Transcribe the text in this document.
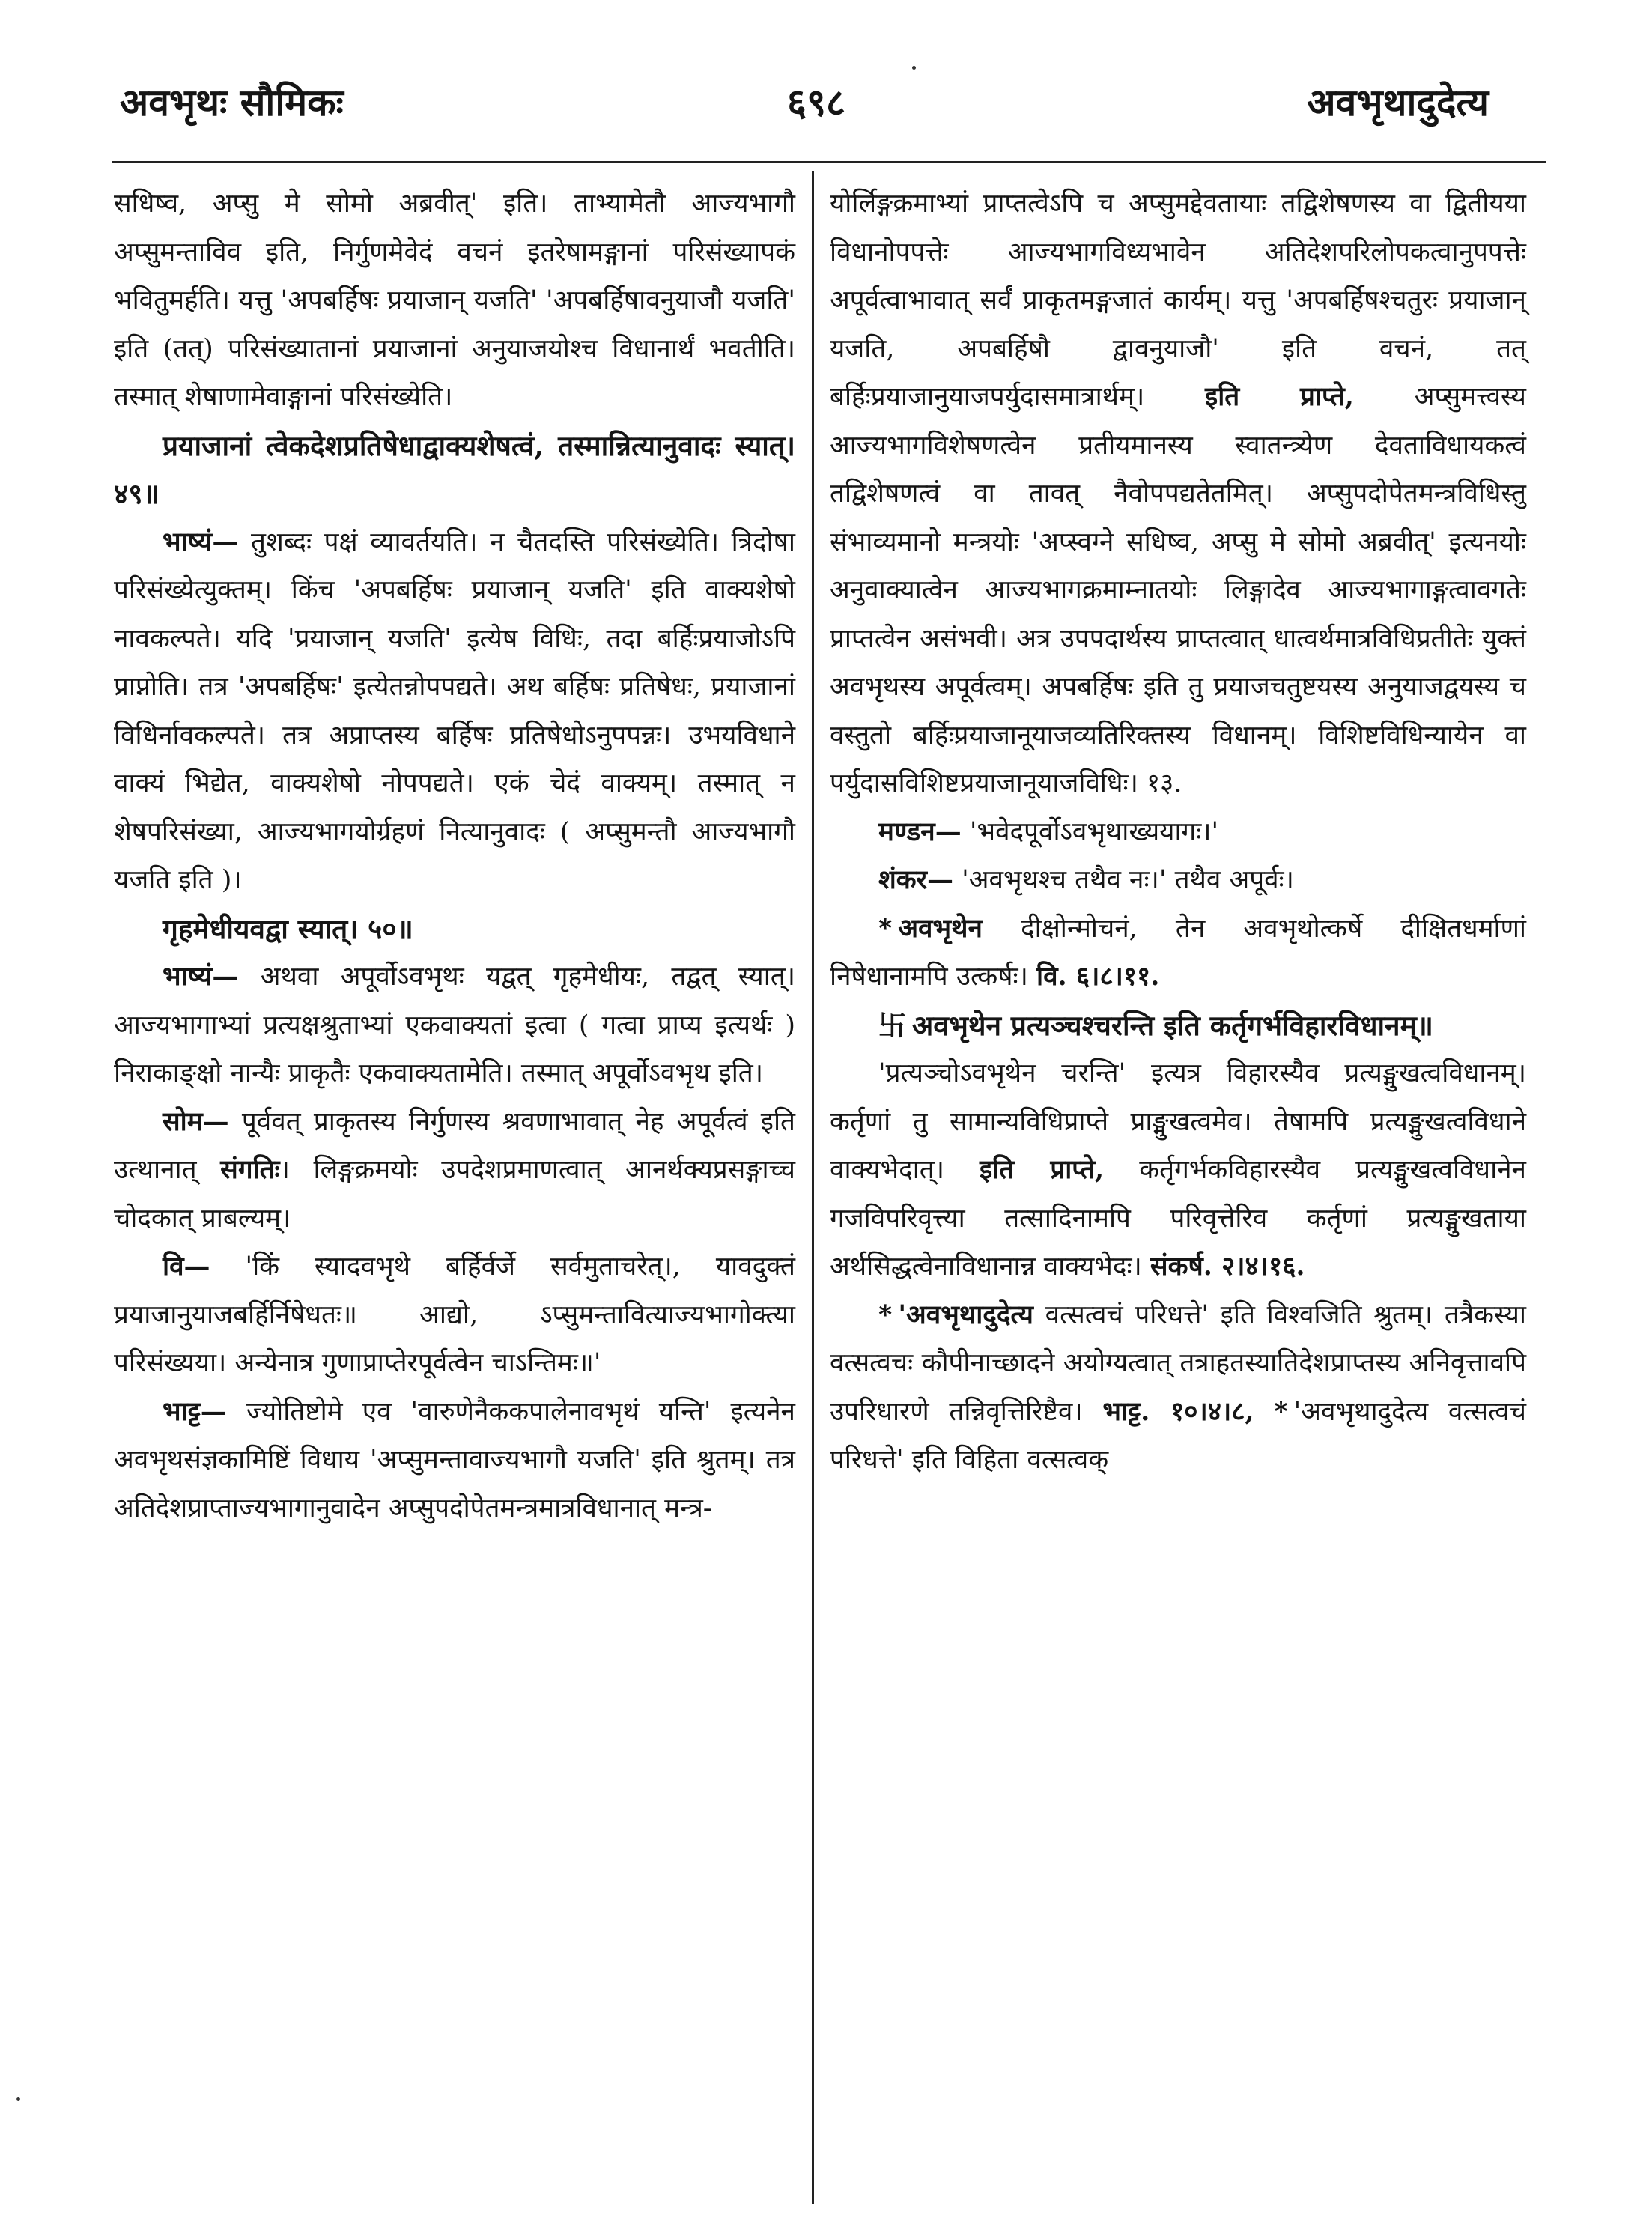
अवभृथः सौमिकः	६९८	अवभृथादुदेत्य

सधिष्व, अप्सु मे सोमो अब्रवीत्' इति। ताभ्यामेतौ आज्यभागौ अप्सुमन्ताविव इति, निर्गुणमेवेदं वचनं इतरेषामङ्गानां परिसंख्यापकं भवितुमर्हति। यत्तु 'अपबर्हिषः प्रयाजान् यजति' 'अपबर्हिषावनुयाजौ यजति' इति (तत्) परिसंख्यातानां प्रयाजानां अनुयाजयोश्च विधानार्थं भवतीति। तस्मात् शेषाणामेवाङ्गानां परिसंख्येति।

प्रयाजानां त्वेकदेशप्रतिषेधाद्वाक्यशेषत्वं, तस्मान्नित्यानुवादः स्यात्। ४९॥

भाष्यं— तुशब्दः पक्षं व्यावर्तयति। न चैतदस्ति परिसंख्येति। त्रिदोषा परिसंख्येत्युक्तम्। किंच 'अपबर्हिषः प्रयाजान् यजति' इति वाक्यशेषो नावकल्पते। यदि 'प्रयाजान् यजति' इत्येष विधिः, तदा बर्हिःप्रयाजोऽपि प्राप्नोति। तत्र 'अपबर्हिषः' इत्येतन्नोपपद्यते। अथ बर्हिषः प्रतिषेधः, प्रयाजानां विधिर्नावकल्पते। तत्र अप्राप्तस्य बर्हिषः प्रतिषेधोऽनुपपन्नः। उभयविधाने वाक्यं भिद्येत, वाक्यशेषो नोपपद्यते। एकं चेदं वाक्यम्। तस्मात् न शेषपरिसंख्या, आज्यभागयोर्ग्रहणं नित्यानुवादः ( अप्सुमन्तौ आज्यभागौ यजति इति )।

गृहमेधीयवद्वा स्यात्। ५०॥

भाष्यं— अथवा अपूर्वोऽवभृथः यद्वत् गृहमेधीयः, तद्वत् स्यात्। आज्यभागाभ्यां प्रत्यक्षश्रुताभ्यां एकवाक्यतां इत्वा ( गत्वा प्राप्य इत्यर्थः ) निराकाङ्क्षो नान्यैः प्राकृतैः एकवाक्यतामेति। तस्मात् अपूर्वोऽवभृथ इति।

सोम— पूर्ववत् प्राकृतस्य निर्गुणस्य श्रवणाभावात् नेह अपूर्वत्वं इति उत्थानात् संगतिः। लिङ्गक्रमयोः उपदेशप्रमाणत्वात् आनर्थक्यप्रसङ्गाच्च चोदकात् प्राबल्यम्।

वि— 'किं स्यादवभृथे बर्हिर्वर्जे सर्वमुताचरेत्।, यावदुक्तं प्रयाजानुयाजबर्हिर्निषेधतः॥ आद्यो, ऽप्सुमन्तावित्याज्यभागोक्त्या परिसंख्यया। अन्येनात्र गुणाप्राप्तेरपूर्वत्वेन चाऽन्तिमः॥'

भाट्ट— ज्योतिष्टोमे एव 'वारुणेनैककपालेनावभृथं यन्ति' इत्यनेन अवभृथसंज्ञकामिष्टिं विधाय 'अप्सुमन्तावाज्यभागौ यजति' इति श्रुतम्। तत्र अतिदेशप्राप्ताज्यभागानुवादेन अप्सुपदोपेतमन्त्रमात्रविधानात् मन्त्र-

योर्लिङ्गक्रमाभ्यां प्राप्तत्वेऽपि च अप्सुमद्देवतायाः तद्विशेषणस्य वा द्वितीयया विधानोपपत्तेः आज्यभागविध्यभावेन अतिदेशपरिलोपकत्वानुपपत्तेः अपूर्वत्वाभावात् सर्वं प्राकृतमङ्गजातं कार्यम्। यत्तु 'अपबर्हिषश्चतुरः प्रयाजान् यजति, अपबर्हिषौ द्वावनुयाजौ' इति वचनं, तत् बर्हिःप्रयाजानुयाजपर्युदासमात्रार्थम्। इति प्राप्ते, अप्सुमत्त्वस्य आज्यभागविशेषणत्वेन प्रतीयमानस्य स्वातन्त्र्येण देवताविधायकत्वं तद्विशेषणत्वं वा तावत् नैवोपपद्यतेतमित्। अप्सुपदोपेतमन्त्रविधिस्तु संभाव्यमानो मन्त्रयोः 'अप्स्वग्ने सधिष्व, अप्सु मे सोमो अब्रवीत्' इत्यनयोः अनुवाक्यात्वेन आज्यभागक्रमाम्नातयोः लिङ्गादेव आज्यभागाङ्गत्वावगतेः प्राप्तत्वेन असंभवी। अत्र उपपदार्थस्य प्राप्तत्वात् धात्वर्थमात्रविधिप्रतीतेः युक्तं अवभृथस्य अपूर्वत्वम्। अपबर्हिषः इति तु प्रयाजचतुष्टयस्य अनुयाजद्वयस्य च वस्तुतो बर्हिःप्रयाजानूयाजव्यतिरिक्तस्य विधानम्। विशिष्टविधिन्यायेन वा पर्युदासविशिष्टप्रयाजानूयाजविधिः। १३.

मण्डन— 'भवेदपूर्वोऽवभृथाख्ययागः।'

शंकर— 'अवभृथश्च तथैव नः।' तथैव अपूर्वः।

* अवभृथेन दीक्षोन्मोचनं, तेन अवभृथोत्कर्षे दीक्षितधर्माणां निषेधानामपि उत्कर्षः। वि. ६।८।११.

卐 अवभृथेन प्रत्यञ्चश्चरन्ति इति कर्तृगर्भविहारविधानम्॥

'प्रत्यञ्चोऽवभृथेन चरन्ति' इत्यत्र विहारस्यैव प्रत्यङ्मुखत्वविधानम्। कर्तृणां तु सामान्यविधिप्राप्ते प्राङ्मुखत्वमेव। तेषामपि प्रत्यङ्मुखत्वविधाने वाक्यभेदात्। इति प्राप्ते, कर्तृगर्भकविहारस्यैव प्रत्यङ्मुखत्वविधानेन गजविपरिवृत्त्या तत्सादिनामपि परिवृत्तेरिव कर्तृणां प्रत्यङ्मुखताया अर्थसिद्धत्वेनाविधानान्न वाक्यभेदः। संकर्ष. २।४।१६.

* 'अवभृथादुदेत्य वत्सत्वचं परिधत्ते' इति विश्वजिति श्रुतम्। तत्रैकस्या वत्सत्वचः कौपीनाच्छादने अयोग्यत्वात् तत्राहतस्यातिदेशप्राप्तस्य अनिवृत्तावपि उपरिधारणे तन्निवृत्तिरिष्टैव। भाट्ट. १०।४।८, * 'अवभृथादुदेत्य वत्सत्वचं परिधत्ते' इति विहिता वत्सत्वक्
